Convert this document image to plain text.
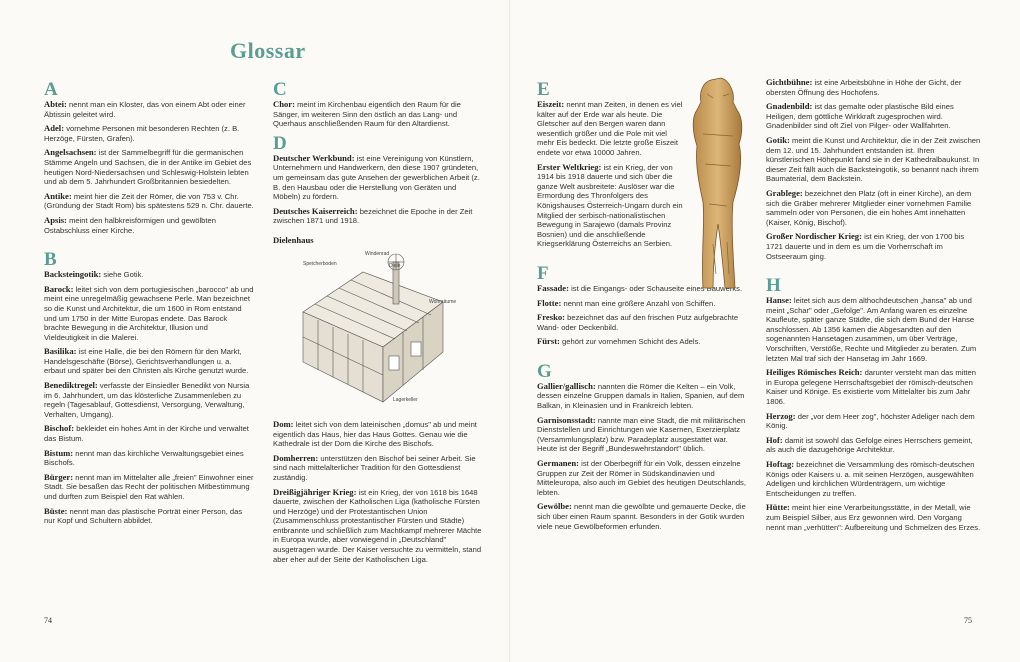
Glossar
A
Abtei: nennt man ein Kloster, das von einem Abt oder einer Äbtissin geleitet wird.
Adel: vornehme Personen mit besonderen Rechten (z. B. Herzöge, Fürsten, Grafen).
Angelsachsen: ist der Sammelbegriff für die germanischen Stämme Angeln und Sachsen, die in der Antike im Gebiet des heutigen Nord-Niedersachsen und Schleswig-Holstein lebten und ab dem 5. Jahrhundert Großbritannien besiedelten.
Antike: meint hier die Zeit der Römer, die von 753 v. Chr. (Gründung der Stadt Rom) bis spätestens 529 n. Chr. dauerte.
Apsis: meint den halbkreisförmigen und gewölbten Ostabschluss einer Kirche.
B
Backsteingotik: siehe Gotik.
Barock: leitet sich von dem portugiesischen „barocco" ab und meint eine unregelmäßig gewachsene Perle. Man bezeichnet so die Kunst und Architektur, die um 1600 in Rom entstand und um 1750 in der Mitte Europas endete. Das Barock brachte Bewegung in die Architektur, Illusion und Vieldeutigkeit in die Malerei.
Basilika: ist eine Halle, die bei den Römern für den Markt, Handelsgeschäfte (Börse), Gerichtsverhandlungen u. a. erbaut und später bei den Christen als Kirche genutzt wurde.
Benediktregel: verfasste der Einsiedler Benedikt von Nursia im 6. Jahrhundert, um das klösterliche Zusammenleben zu regeln (Tagesablauf, Gottesdienst, Versorgung, Verwaltung, Verhalten, Umgang).
Bischof: bekleidet ein hohes Amt in der Kirche und verwaltet das Bistum.
Bistum: nennt man das kirchliche Verwaltungsgebiet eines Bischofs.
Bürger: nennt man im Mittelalter alle „freien" Einwohner einer Stadt. Sie besaßen das Recht der politischen Mitbestimmung und durften zum Beispiel den Rat wählen.
Büste: nennt man das plastische Porträt einer Person, das nur Kopf und Schultern abbildet.
C
Chor: meint im Kirchenbau eigentlich den Raum für die Sänger, im weiteren Sinn den östlich an das Lang- und Querhaus anschließenden Raum für den Altardienst.
D
Deutscher Werkbund: ist eine Vereinigung von Künstlern, Unternehmern und Handwerkern, den diese 1907 gründeten, um gemeinsam das gute Ansehen der gewerblichen Arbeit (z. B. den Hausbau oder die Herstellung von Geräten und Möbeln) zu fördern.
Deutsches Kaiserreich: bezeichnet die Epoche in der Zeit zwischen 1871 und 1918.
Dielenhaus
Windenrad
Speicherboden	Diele
Wohnräume
Lagerkeller
Dom: leitet sich von dem lateinischen „domus" ab und meint eigentlich das Haus, hier das Haus Gottes. Genau wie die Kathedrale ist der Dom die Kirche des Bischofs.
Domherren: unterstützen den Bischof bei seiner Arbeit. Sie sind nach mittelalterlicher Tradition für den Gottesdienst zuständig.
Dreißigjähriger Krieg: ist ein Krieg, der von 1618 bis 1648 dauerte, zwischen der Katholischen Liga (katholische Fürsten und Herzöge) und der Protestantischen Union (Zusammenschluss protestantischer Fürsten und Städte) entbrannte und schließlich zum Machtkampf mehrerer Mächte in Europa wurde, aber vorwiegend in „Deutschland" ausgetragen wurde. Der Kaiser versuchte zu vermitteln, stand aber eher auf der Seite der Katholischen Liga.
E
Eiszeit: nennt man Zeiten, in denen es viel kälter auf der Erde war als heute. Die Gletscher auf den Bergen waren dann wesentlich größer und die Pole mit viel mehr Eis bedeckt. Die letzte große Eiszeit endete vor etwa 10000 Jahren.
Erster Weltkrieg: ist ein Krieg, der von 1914 bis 1918 dauerte und sich über die ganze Welt ausbreitete: Auslöser war die Ermordung des Thronfolgers des Königshauses Österreich-Ungarn durch ein Mitglied der serbisch-nationalistischen Bewegung in Sarajewo (damals Provinz Bosnien) und die anschließende Kriegserklärung Österreichs an Serbien.
F
Fassade: ist die Eingangs- oder Schauseite eines Bauwerks.
Flotte: nennt man eine größere Anzahl von Schiffen.
Fresko: bezeichnet das auf den frischen Putz aufgebrachte Wand- oder Deckenbild.
Fürst: gehört zur vornehmen Schicht des Adels.
G
Gallier/gallisch: nannten die Römer die Kelten – ein Volk, dessen einzelne Gruppen damals in Italien, Spanien, auf dem Balkan, in Kleinasien und in Frankreich lebten.
Garnisonsstadt: nannte man eine Stadt, die mit militärischen Dienststellen und Einrichtungen wie Kasernen, Exerzierplatz (Versammlungsplatz) bzw. Paradeplatz ausgestattet war. Heute ist der Begriff „Bundeswehrstandort" üblich.
Germanen: ist der Oberbegriff für ein Volk, dessen einzelne Gruppen zur Zeit der Römer in Südskandinavien und Mitteleuropa, also auch im Gebiet des heutigen Deutschlands, lebten.
Gewölbe: nennt man die gewölbte und gemauerte Decke, die sich über einen Raum spannt. Besonders in der Gotik wurden viele neue Gewölbeformen erfunden.
Gichtbühne: ist eine Arbeitsbühne in Höhe der Gicht, der obersten Öffnung des Hochofens.
Gnadenbild: ist das gemalte oder plastische Bild eines Heiligen, dem göttliche Wirkkraft zugesprochen wird. Gnadenbilder sind oft Ziel von Pilger- oder Wallfahrten.
Gotik: meint die Kunst und Architektur, die in der Zeit zwischen dem 12. und 15. Jahrhundert entstanden ist. Ihren künstlerischen Höhepunkt fand sie in der Kathedralbaukunst. In dieser Zeit fällt auch die Backsteingotik, so benannt nach ihrem Baumaterial, dem Backstein.
Grablege: bezeichnet den Platz (oft in einer Kirche), an dem sich die Gräber mehrerer Mitglieder einer vornehmen Familie sammeln oder von Personen, die ein hohes Amt innehatten (Kaiser, König, Bischof).
Großer Nordischer Krieg: ist ein Krieg, der von 1700 bis 1721 dauerte und in dem es um die Vorherrschaft im Ostseeraum ging.
H
Hanse: leitet sich aus dem althochdeutschen „hansa" ab und meint „Schar" oder „Gefolge". Am Anfang waren es einzelne Kaufleute, später ganze Städte, die sich dem Bund der Hanse anschlossen. Ab 1356 kamen die Abgesandten auf den sogenannten Hansetagen zusammen, um über Verträge, Vorschriften, Verstöße, Rechte und Mitglieder zu beraten. Zum letzten Mal traf sich der Hansetag im Jahr 1669.
Heiliges Römisches Reich: darunter versteht man das mitten in Europa gelegene Herrschaftsgebiet der römisch-deutschen Kaiser und Könige. Es existierte vom Mittelalter bis zum Jahr 1806.
Herzog: der „vor dem Heer zog", höchster Adeliger nach dem König.
Hof: damit ist sowohl das Gefolge eines Herrschers gemeint, als auch die dazugehörige Architektur.
Hoftag: bezeichnet die Versammlung des römisch-deutschen Königs oder Kaisers u. a. mit seinen Herzögen, ausgewählten Adeligen und kirchlichen Würdenträgern, um wichtige Entscheidungen zu treffen.
Hütte: meint hier eine Verarbeitungsstätte, in der Metall, wie zum Beispiel Silber, aus Erz gewonnen wird. Den Vorgang nennt man „verhütten": Aufbereitung und Schmelzen des Erzes.
74	75
